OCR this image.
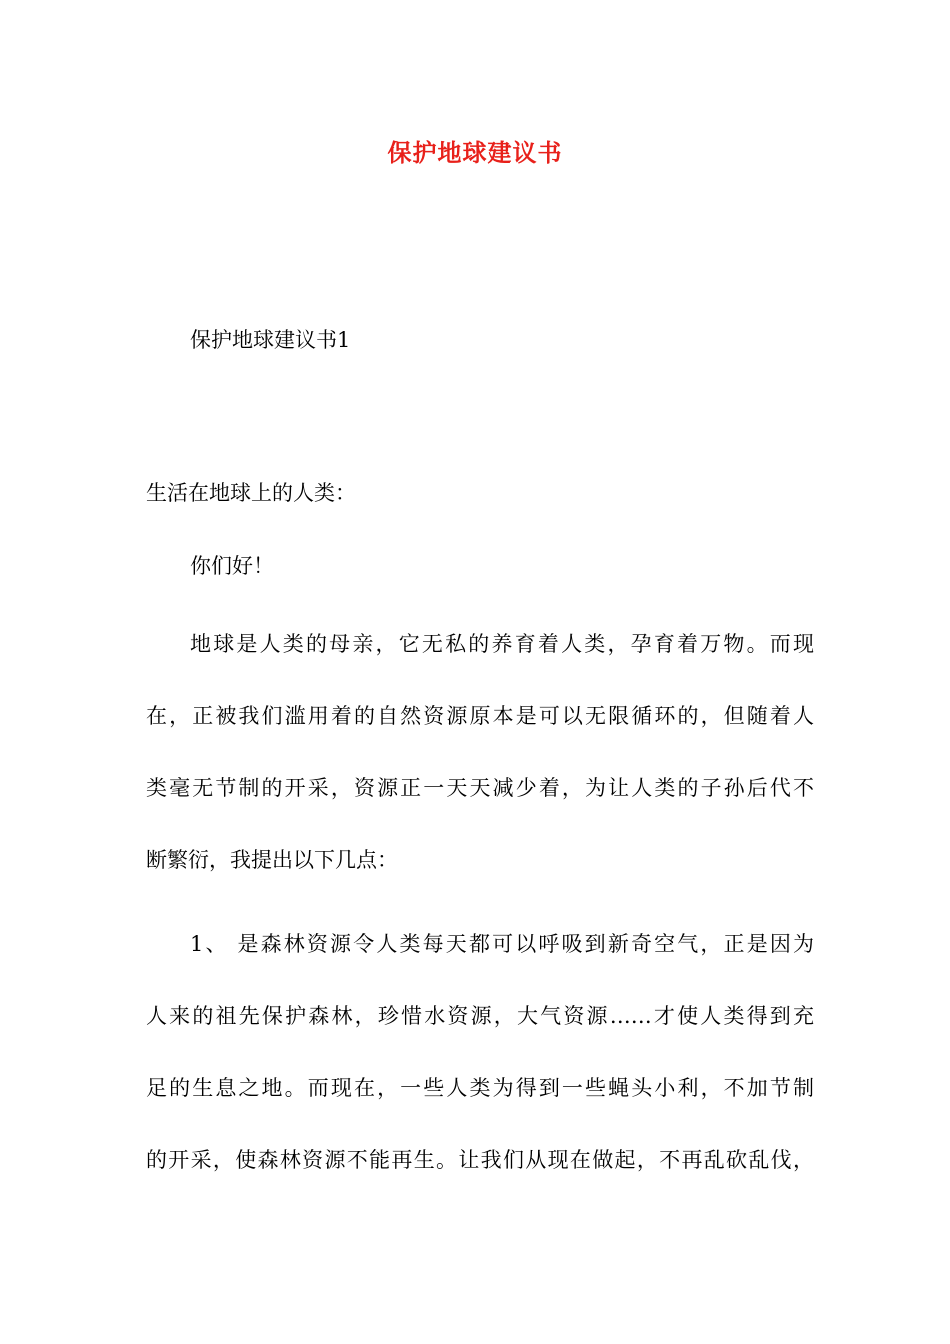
保护地球建议书
保护地球建议书1
生活在地球上的人类：
你们好！
地球是人类的母亲，它无私的养育着人类，孕育着万物。而现
在，正被我们滥用着的自然资源原本是可以无限循环的，但随着人
类毫无节制的开采，资源正一天天减少着，为让人类的子孙后代不
断繁衍，我提出以下几点：
1、 是森林资源令人类每天都可以呼吸到新奇空气，正是因为
人来的祖先保护森林，珍惜水资源，大气资源……才使人类得到充
足的生息之地。而现在，一些人类为得到一些蝇头小利，不加节制
的开采，使森林资源不能再生。让我们从现在做起，不再乱砍乱伐，
